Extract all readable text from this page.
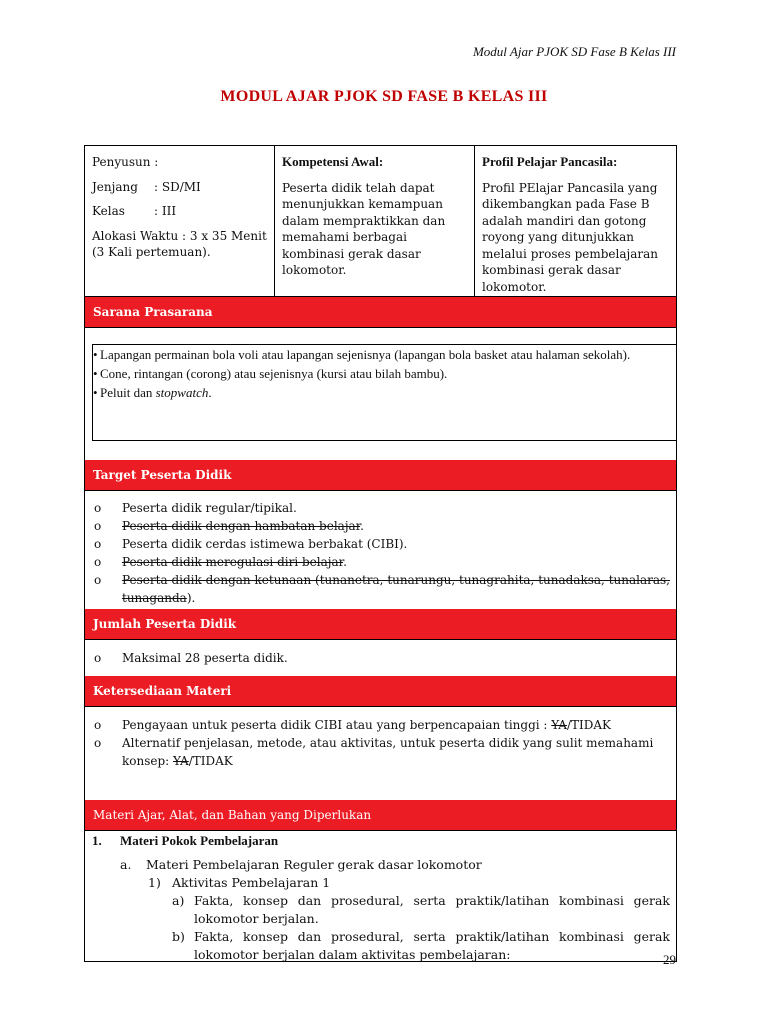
Modul Ajar PJOK SD Fase B Kelas III
MODUL AJAR PJOK SD FASE B KELAS III
Penyusun :
Jenjang : SD/MI
Kelas : III
Alokasi Waktu : 3 x 35 Menit (3 Kali pertemuan).
Kompetensi Awal:
Peserta didik telah dapat menunjukkan kemampuan dalam mempraktikkan dan memahami berbagai kombinasi gerak dasar lokomotor.
Profil Pelajar Pancasila:
Profil PElajar Pancasila yang dikembangkan pada Fase B adalah mandiri dan gotong royong yang ditunjukkan melalui proses pembelajaran kombinasi gerak dasar lokomotor.
Sarana Prasarana
• Lapangan permainan bola voli atau lapangan sejenisnya (lapangan bola basket atau halaman sekolah).
• Cone, rintangan (corong) atau sejenisnya (kursi atau bilah bambu).
• Peluit dan stopwatch.
Target Peserta Didik
o	Peserta didik regular/tipikal.
o	Peserta didik dengan hambatan belajar.
o	Peserta didik cerdas istimewa berbakat (CIBI).
o	Peserta didik meregulasi diri belajar.
o	Peserta didik dengan ketunaan (tunanetra, tunarungu, tunagrahita, tunadaksa, tunalaras, tunaganda).
Jumlah Peserta Didik
o	Maksimal 28 peserta didik.
Ketersediaan Materi
o	Pengayaan untuk peserta didik CIBI atau yang berpencapaian tinggi : YA/TIDAK
o	Alternatif penjelasan, metode, atau aktivitas, untuk peserta didik yang sulit memahami konsep: YA/TIDAK
Materi Ajar, Alat, dan Bahan yang Diperlukan
1.	Materi Pokok Pembelajaran
a.	Materi Pembelajaran Reguler gerak dasar lokomotor
1) Aktivitas Pembelajaran 1
a) Fakta, konsep dan prosedural, serta praktik/latihan kombinasi gerak lokomotor berjalan.
b) Fakta, konsep dan prosedural, serta praktik/latihan kombinasi gerak lokomotor berjalan dalam aktivitas pembelajaran:	29
